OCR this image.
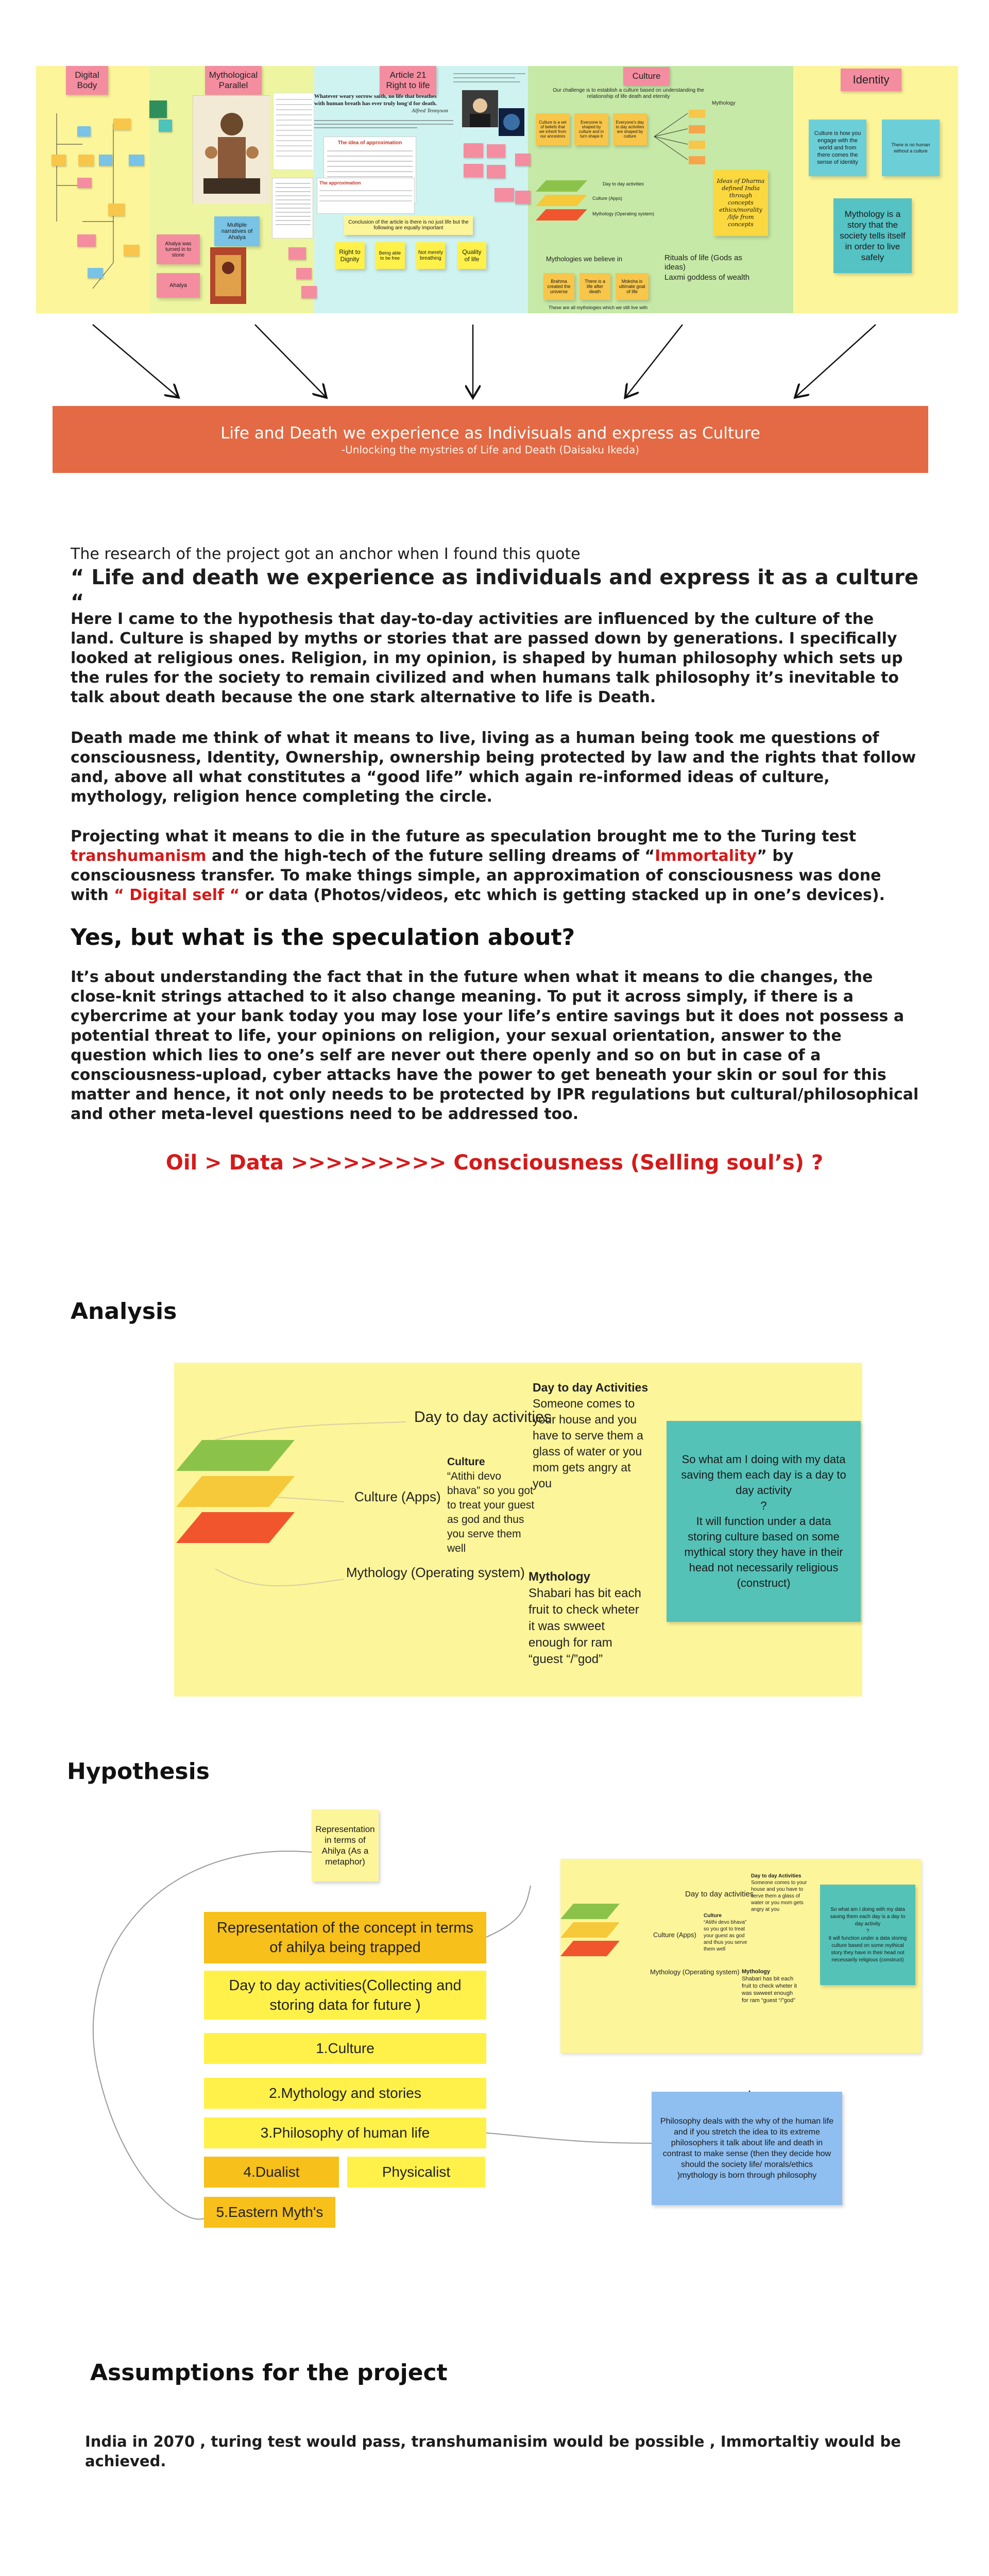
Digital Body
Mythological Parallel
Article 21 Right to life
Culture	Identity
Multiple narratives of Ahalya
Ahalya was turned in to stone
Ahalya
Whatever weary sorrow saith, no life that breathes with human breath has ever truly long'd for death.
Alfred Tennyson
The idea of approximation
The approximation
Conclusion of the article is there is no just life but the following are equally important
Right to Dignity
Being able to be free
Not merely breathing
Quality of life
Our challenge is to establish a culture based on understanding the relationship of life death and eternity
Culture is a set of beliefs that we inherit from our ancestors
Everyone is shaped by culture and in turn shape it
Everyone's day to day activities are shaped by culture
Mythology
Day to day activities
Culture (Apps)
Mythology (Operating system)
Ideas of Dharma defined India through concepts ethics/morality /life from concepts
Mythologies we believe in
Brahma created the universe
There is a life after death
Moksha is ultimate goal of life
Rituals of life (Gods as ideas)
Laxmi goddess of wealth
These are all mythologies which we still live with
Culture is how you engage with the world and from there comes the sense of identity
There is no human without a culture
Mythology is a story that the society tells itself in order to live safely
Life and Death we experience as Indivisuals and express as Culture
-Unlocking the mystries of Life and Death (Daisaku Ikeda)
The research of the project got an anchor when I found this quote
“ Life and death we experience as individuals and express it as a culture “
Here I came to the hypothesis that day-to-day activities are influenced by the culture of the land. Culture is shaped by myths or stories that are passed down by generations. I specifically looked at religious ones. Religion, in my opinion, is shaped by human philosophy which sets up the rules for the society to remain civilized and when humans talk philosophy it’s inevitable to talk about death because the one stark alternative to life is Death.
Death made me think of what it means to live, living as a human being took me questions of consciousness, Identity, Ownership, ownership being protected by law and the rights that follow and, above all what constitutes a “good life” which again re-informed ideas of culture, mythology, religion hence completing the circle.
Projecting what it means to die in the future as speculation brought me to the Turing test transhumanism and the high-tech of the future selling dreams of “Immortality” by consciousness transfer. To make things simple, an approximation of consciousness was done with “ Digital self “ or data (Photos/videos, etc which is getting stacked up in one’s devices).
Yes, but what is the speculation about?
It’s about understanding the fact that in the future when what it means to die changes, the close-knit strings attached to it also change meaning. To put it across simply, if there is a cybercrime at your bank today you may lose your life’s entire savings but it does not possess a potential threat to life, your opinions on religion, your sexual orientation, answer to the question which lies to one’s self are never out there openly and so on but in case of a consciousness-upload, cyber attacks have the power to get beneath your skin or soul for this matter and hence, it not only needs to be protected by IPR regulations but cultural/philosophical and other meta-level questions need to be addressed too.
Oil > Data >>>>>>>>> Consciousness (Selling soul’s) ?
Analysis
Day to day activities
Culture (Apps)
Mythology (Operating system)
Culture
“Atithi devo bhava” so you got to treat your guest as god and thus you serve them well
Day to day Activities
Someone comes to your house and you have to serve them a glass of water or you mom gets angry at you
Mythology
Shabari has bit each fruit to check wheter it was swweet enough for ram “guest “/”god”
So what am I doing with my data saving them each day is a day to day activity
?
It will function under a data storing culture based on some mythical story they have in their head not necessarily religious (construct)
Hypothesis
Representation in terms of Ahilya (As a metaphor)
Representation of the concept in terms of ahilya being trapped
Day to day activities(Collecting and storing data for future )
1.Culture
2.Mythology and stories
3.Philosophy of human life
4.Dualist	Physicalist
5.Eastern Myth's
Day to day activities
Culture (Apps)
Mythology (Operating system)
Culture
“Atithi devo bhava” so you got to treat your guest as god and thus you serve them well
Day to day Activities
Someone comes to your house and you have to serve them a glass of water or you mom gets angry at you
Mythology
Shabari has bit each fruit to check wheter it was swweet enough for ram “guest “/”god”
So what am I doing with my data saving them each day is a day to day activity
?
It will function under a data storing culture based on some mythical story they have in their head not necessarily religious (construct)
Philosophy deals with the why of the human life and if you stretch the idea to its extreme philosophers it talk about life and death in contrast to make sense (then they decide how should the society life/ morals/ethics )mythology is born through philosophy
Assumptions for the project
India in 2070 , turing test would pass, transhumanisim would be possible , Immortaltiy would be achieved.
